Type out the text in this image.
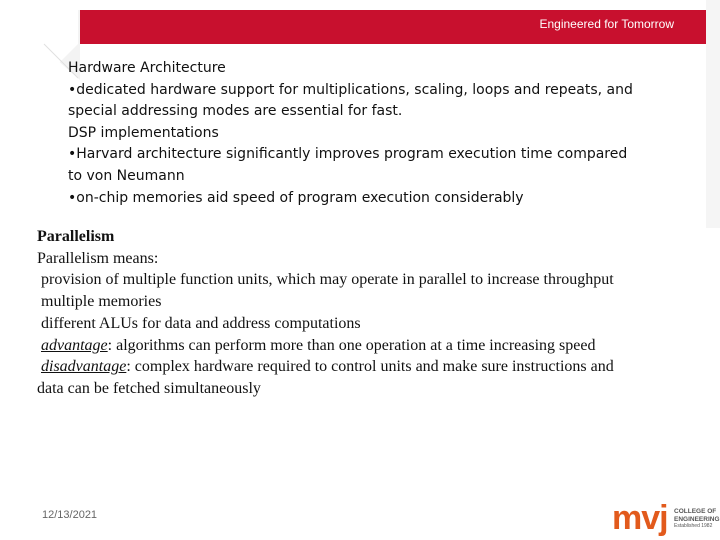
Engineered for Tomorrow
Hardware Architecture
•dedicated hardware support for multiplications, scaling, loops and repeats, and
special addressing modes are essential for fast.
DSP implementations
•Harvard architecture significantly improves program execution time compared
to von Neumann
•on-chip memories aid speed of program execution considerably
Parallelism
Parallelism means:
provision of multiple function units, which may operate in parallel to increase throughput
multiple memories
different ALUs for data and address computations
advantage: algorithms can perform more than one operation at a time increasing speed
disadvantage: complex hardware required to control units and make sure instructions and
data can be fetched simultaneously
12/13/2021	mvj COLLEGE OF
ENGINEERING
Established 1982
